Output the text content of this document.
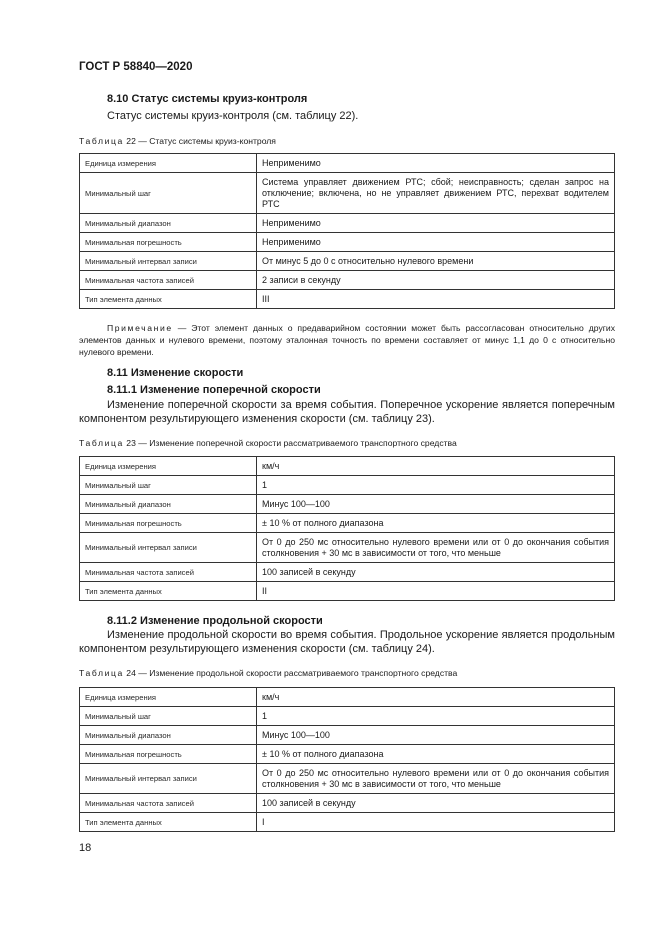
ГОСТ Р 58840—2020
8.10 Статус системы круиз-контроля
Статус системы круиз-контроля (см. таблицу 22).
Таблица 22 — Статус системы круиз-контроля
Единица измерения	Неприменимо
Минимальный шаг	Система управляет движением РТС; сбой; неисправность; сделан запрос на отключение; включена, но не управляет движением РТС, перехват водителем РТС
Минимальный диапазон	Неприменимо
Минимальная погрешность	Неприменимо
Минимальный интервал записи	От минус 5 до 0 с относительно нулевого времени
Минимальная частота записей	2 записи в секунду
Тип элемента данных	III
Примечание — Этот элемент данных о предаварийном состоянии может быть рассогласован относительно других элементов данных и нулевого времени, поэтому эталонная точность по времени составляет от минус 1,1 до 0 с относительно нулевого времени.
8.11 Изменение скорости
8.11.1 Изменение поперечной скорости
Изменение поперечной скорости за время события. Поперечное ускорение является поперечным компонентом результирующего изменения скорости (см. таблицу 23).
Таблица 23 — Изменение поперечной скорости рассматриваемого транспортного средства
Единица измерения	км/ч
Минимальный шаг	1
Минимальный диапазон	Минус 100—100
Минимальная погрешность	± 10 % от полного диапазона
Минимальный интервал записи	От 0 до 250 мс относительно нулевого времени или от 0 до окончания события столкновения + 30 мс в зависимости от того, что меньше
Минимальная частота записей	100 записей в секунду
Тип элемента данных	II
8.11.2 Изменение продольной скорости
Изменение продольной скорости во время события. Продольное ускорение является продольным компонентом результирующего изменения скорости (см. таблицу 24).
Таблица 24 — Изменение продольной скорости рассматриваемого транспортного средства
Единица измерения	км/ч
Минимальный шаг	1
Минимальный диапазон	Минус 100—100
Минимальная погрешность	± 10 % от полного диапазона
Минимальный интервал записи	От 0 до 250 мс относительно нулевого времени или от 0 до окончания события столкновения + 30 мс в зависимости от того, что меньше
Минимальная частота записей	100 записей в секунду
Тип элемента данных	I
18
